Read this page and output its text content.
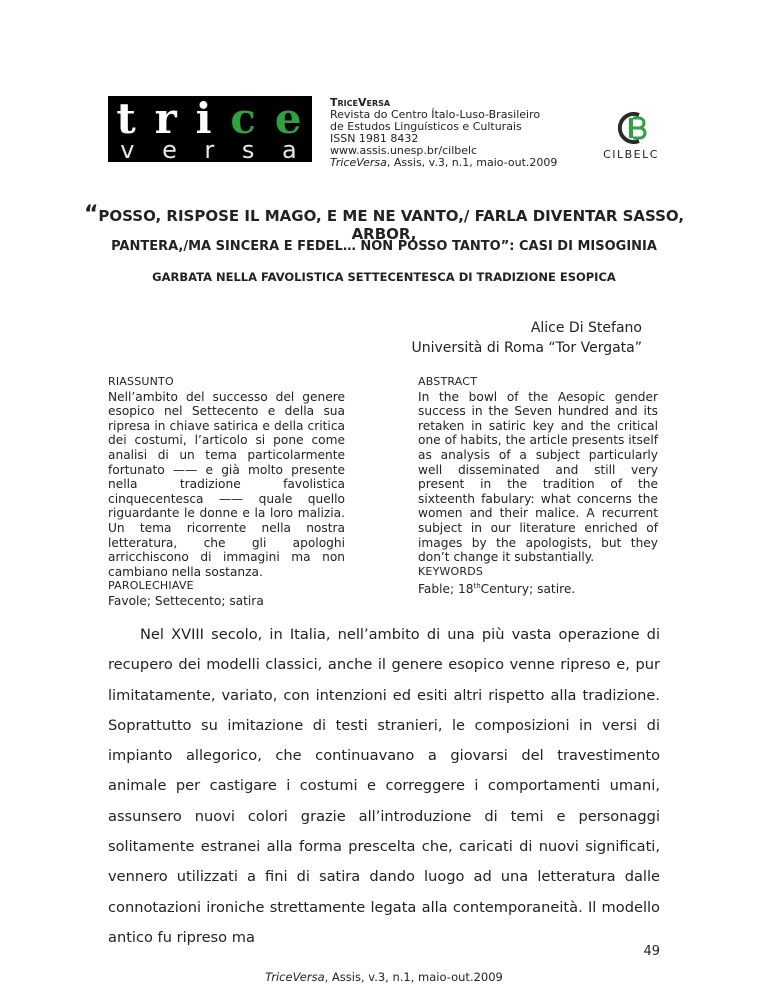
t r i c e
v e r s a
TriceVersa
Revista do Centro Ítalo-Luso-Brasileiro
de Estudos Linguísticos e Culturais
ISSN 1981 8432
www.assis.unesp.br/cilbelc
TriceVersa, Assis, v.3, n.1, maio-out.2009
CILBELC
“POSSO, RISPOSE IL MAGO, E ME NE VANTO,/ FARLA DIVENTAR SASSO, ARBOR,
PANTERA,/MA SINCERA E FEDEL… NON POSSO TANTO”: CASI DI MISOGINIA
GARBATA NELLA FAVOLISTICA SETTECENTESCA DI TRADIZIONE ESOPICA
Alice Di Stefano
Università di Roma “Tor Vergata”
RIASSUNTO
Nell’ambito del successo del genere esopico nel Settecento e della sua ripresa in chiave satirica e della critica dei costumi, l’articolo si pone come analisi di un tema particolarmente fortunato —— e già molto presente nella tradizione favolistica cinquecentesca —— quale quello riguardante le donne e la loro malizia. Un tema ricorrente nella nostra letteratura, che gli apologhi arricchiscono di immagini ma non cambiano nella sostanza.
PAROLECHIAVE
Favole; Settecento; satira
ABSTRACT
In the bowl of the Aesopic gender success in the Seven hundred and its retaken in satiric key and the critical one of habits, the article presents itself as analysis of a subject particularly well disseminated and still very present in the tradition of the sixteenth fabulary: what concerns the women and their malice. A recurrent subject in our literature enriched of images by the apologists, but they don’t change it substantially.
KEYWORDS
Fable; 18thCentury; satire.
Nel XVIII secolo, in Italia, nell’ambito di una più vasta operazione di recupero dei modelli classici, anche il genere esopico venne ripreso e, pur limitatamente, variato, con intenzioni ed esiti altri rispetto alla tradizione. Soprattutto su imitazione di testi stranieri, le composizioni in versi di impianto allegorico, che continuavano a giovarsi del travestimento animale per castigare i costumi e correggere i comportamenti umani, assunsero nuovi colori grazie all’introduzione di temi e personaggi solitamente estranei alla forma prescelta che, caricati di nuovi significati, vennero utilizzati a fini di satira dando luogo ad una letteratura dalle connotazioni ironiche strettamente legata alla contemporaneità. Il modello antico fu ripreso ma
49
TriceVersa, Assis, v.3, n.1, maio-out.2009
